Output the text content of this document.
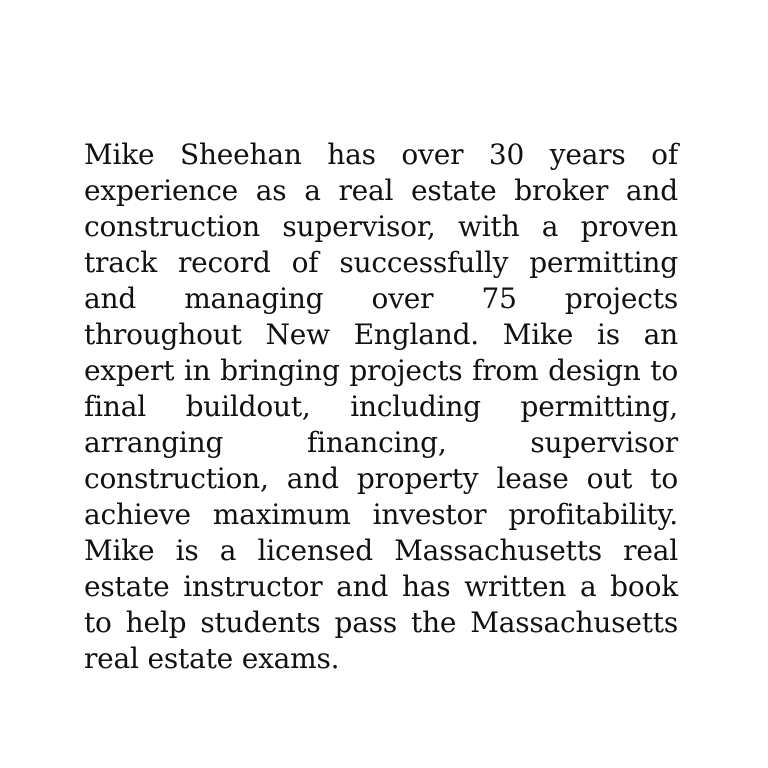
Mike Sheehan has over 30 years of experience as a real estate broker and construction supervisor, with a proven track record of successfully permitting and managing over 75 projects throughout New England. Mike is an expert in bringing projects from design to final buildout, including permitting, arranging financing, supervisor construction, and property lease out to achieve maximum investor profitability. Mike is a licensed Massachusetts real estate instructor and has written a book to help students pass the Massachusetts real estate exams.
